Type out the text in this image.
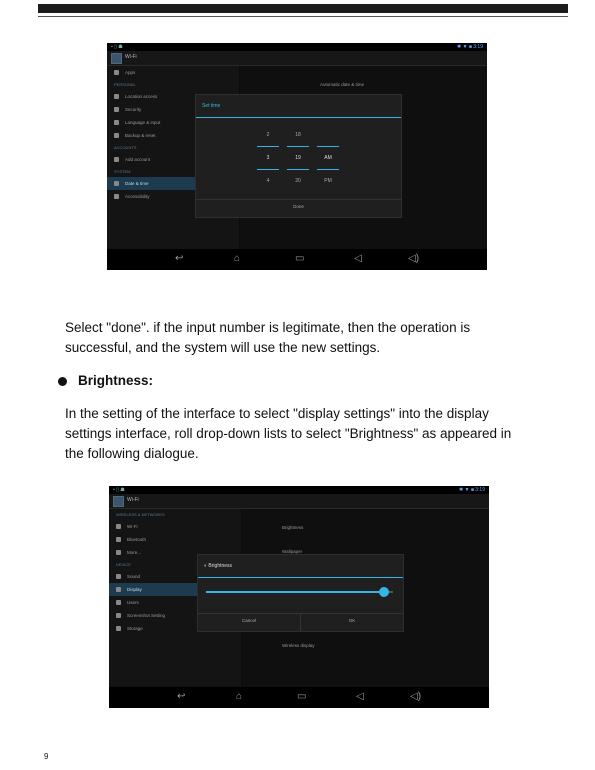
▪ ▯ ☗	✱ ▼ ■ 3:19
Wi-Fi
Apps
PERSONAL
Location access
Security
Language & input
Backup & reset
ACCOUNTS
Add account
SYSTEM
Date & time
Accessibility
Automatic date & time
Set time
2
3
4
18
19
20
AM
PM
Done
↩	⌂	▭	◁	◁)
Select "done". if the input number is legitimate, then the operation is
successful, and the system will use the new settings.
Brightness:
In the setting of the interface to select "display settings" into the display
settings interface, roll drop-down lists to select "Brightness" as appeared in
the following dialogue.
▪ ▯ ☗	✱ ▼ ■ 3:19
Wi-Fi
WIRELESS & NETWORKS
Wi-Fi
Bluetooth
More...
DEVICE
Sound
Display
Users
Screenshot Setting
Storage
Brightness
Wallpaper
Wireless display
◐ Brightness
Cancel	OK
↩	⌂	▭	◁	◁)
9
